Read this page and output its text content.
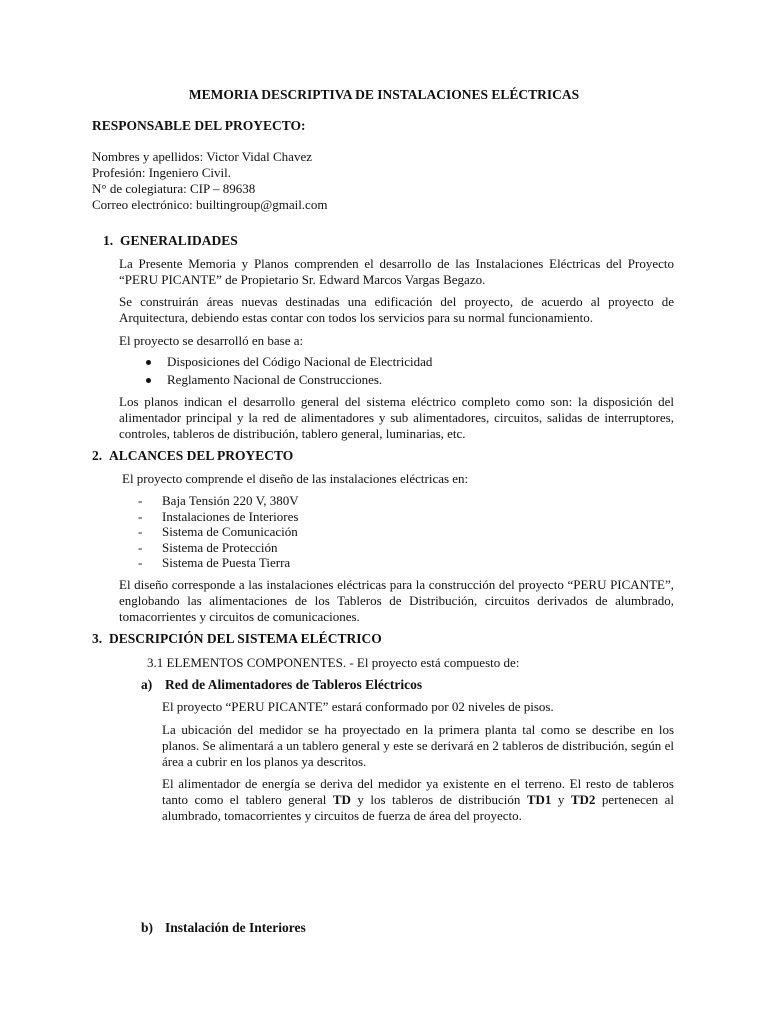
MEMORIA DESCRIPTIVA DE INSTALACIONES ELÉCTRICAS
RESPONSABLE DEL PROYECTO:
Nombres y apellidos: Victor Vidal Chavez
Profesión: Ingeniero Civil.
N° de colegiatura: CIP – 89638
Correo electrónico: builtingroup@gmail.com
1. GENERALIDADES
La Presente Memoria y Planos comprenden el desarrollo de las Instalaciones Eléctricas del Proyecto “PERU PICANTE” de Propietario Sr. Edward Marcos Vargas Begazo.
Se construirán áreas nuevas destinadas una edificación del proyecto, de acuerdo al proyecto de Arquitectura, debiendo estas contar con todos los servicios para su normal funcionamiento.
El proyecto se desarrolló en base a:
Disposiciones del Código Nacional de Electricidad
Reglamento Nacional de Construcciones.
Los planos indican el desarrollo general del sistema eléctrico completo como son: la disposición del alimentador principal y la red de alimentadores y sub alimentadores, circuitos, salidas de interruptores, controles, tableros de distribución, tablero general, luminarias, etc.
2. ALCANCES DEL PROYECTO
El proyecto comprende el diseño de las instalaciones eléctricas en:
- Baja Tensión 220 V, 380V
- Instalaciones de Interiores
- Sistema de Comunicación
- Sistema de Protección
- Sistema de Puesta Tierra
El diseño corresponde a las instalaciones eléctricas para la construcción del proyecto “PERU PICANTE”, englobando las alimentaciones de los Tableros de Distribución, circuitos derivados de alumbrado, tomacorrientes y circuitos de comunicaciones.
3. DESCRIPCIÓN DEL SISTEMA ELÉCTRICO
3.1 ELEMENTOS COMPONENTES. - El proyecto está compuesto de:
a) Red de Alimentadores de Tableros Eléctricos
El proyecto “PERU PICANTE” estará conformado por 02 niveles de pisos.
La ubicación del medidor se ha proyectado en la primera planta tal como se describe en los planos. Se alimentará a un tablero general y este se derivará en 2 tableros de distribución, según el área a cubrir en los planos ya descritos.
El alimentador de energía se deriva del medidor ya existente en el terreno. El resto de tableros tanto como el tablero general TD y los tableros de distribución TD1 y TD2 pertenecen al alumbrado, tomacorrientes y circuitos de fuerza de área del proyecto.
b) Instalación de Interiores
